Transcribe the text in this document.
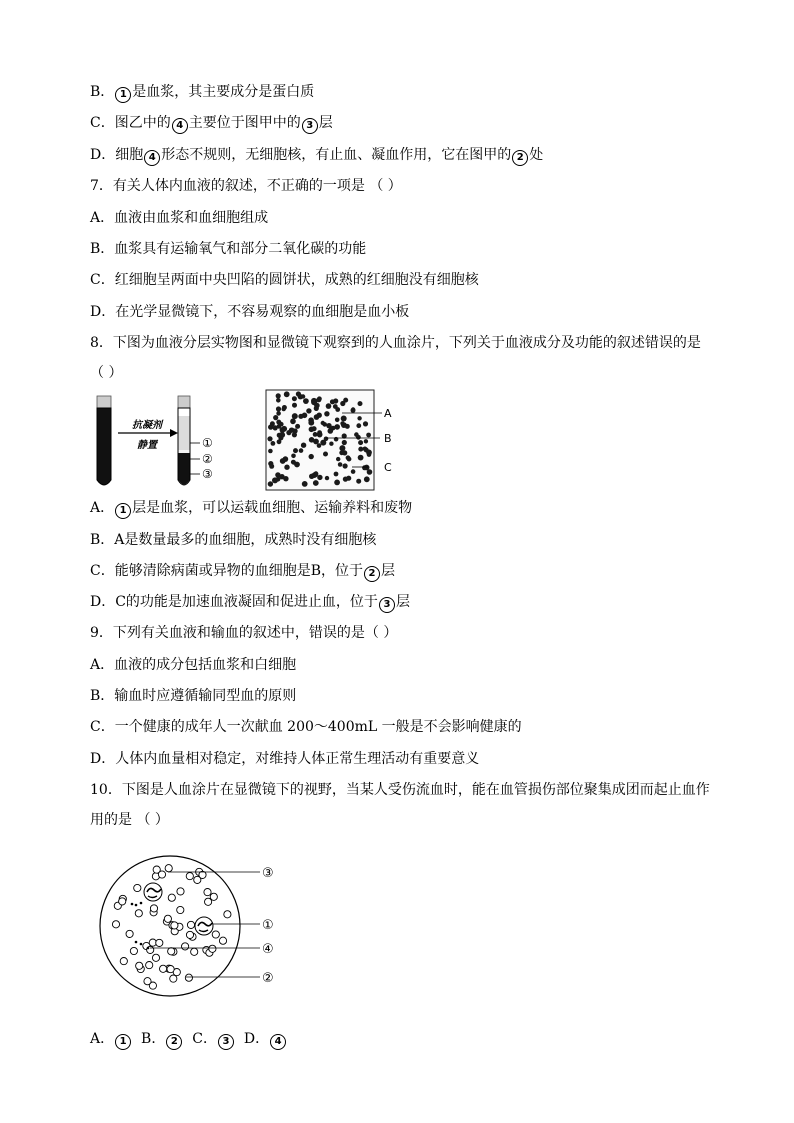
B． 1 是血浆，其主要成分是蛋白质
C．图乙中的 4 主要位于图甲中的 3 层
D．细胞 4 形态不规则，无细胞核，有止血、凝血作用，它在图甲的 2 处
7．有关人体内血液的叙述，不正确的一项是 （ ）
A．血液由血浆和血细胞组成
B．血浆具有运输氧气和部分二氧化碳的功能
C．红细胞呈两面中央凹陷的圆饼状，成熟的红细胞没有细胞核
D．在光学显微镜下，不容易观察的血细胞是血小板
8．下图为血液分层实物图和显微镜下观察到的人血涂片，下列关于血液成分及功能的叙述错误的是
（ ）
抗凝剂
静置	①
②
③
A
B
C
A． 1 层是血浆，可以运载血细胞、运输养料和废物
B．A是数量最多的血细胞，成熟时没有细胞核
C．能够清除病菌或异物的血细胞是B，位于 2 层
D．C的功能是加速血液凝固和促进止血，位于 3 层
9．下列有关血液和输血的叙述中，错误的是（ ）
A．血液的成分包括血浆和白细胞
B．输血时应遵循输同型血的原则
C．一个健康的成年人一次献血 200～400mL 一般是不会影响健康的
D．人体内血量相对稳定，对维持人体正常生理活动有重要意义
10．下图是人血涂片在显微镜下的视野，当某人受伤流血时，能在血管损伤部位聚集成团而起止血作
用的是 （ ）
③
①
④
②
A． 1 B． 2 C． 3 D． 4
